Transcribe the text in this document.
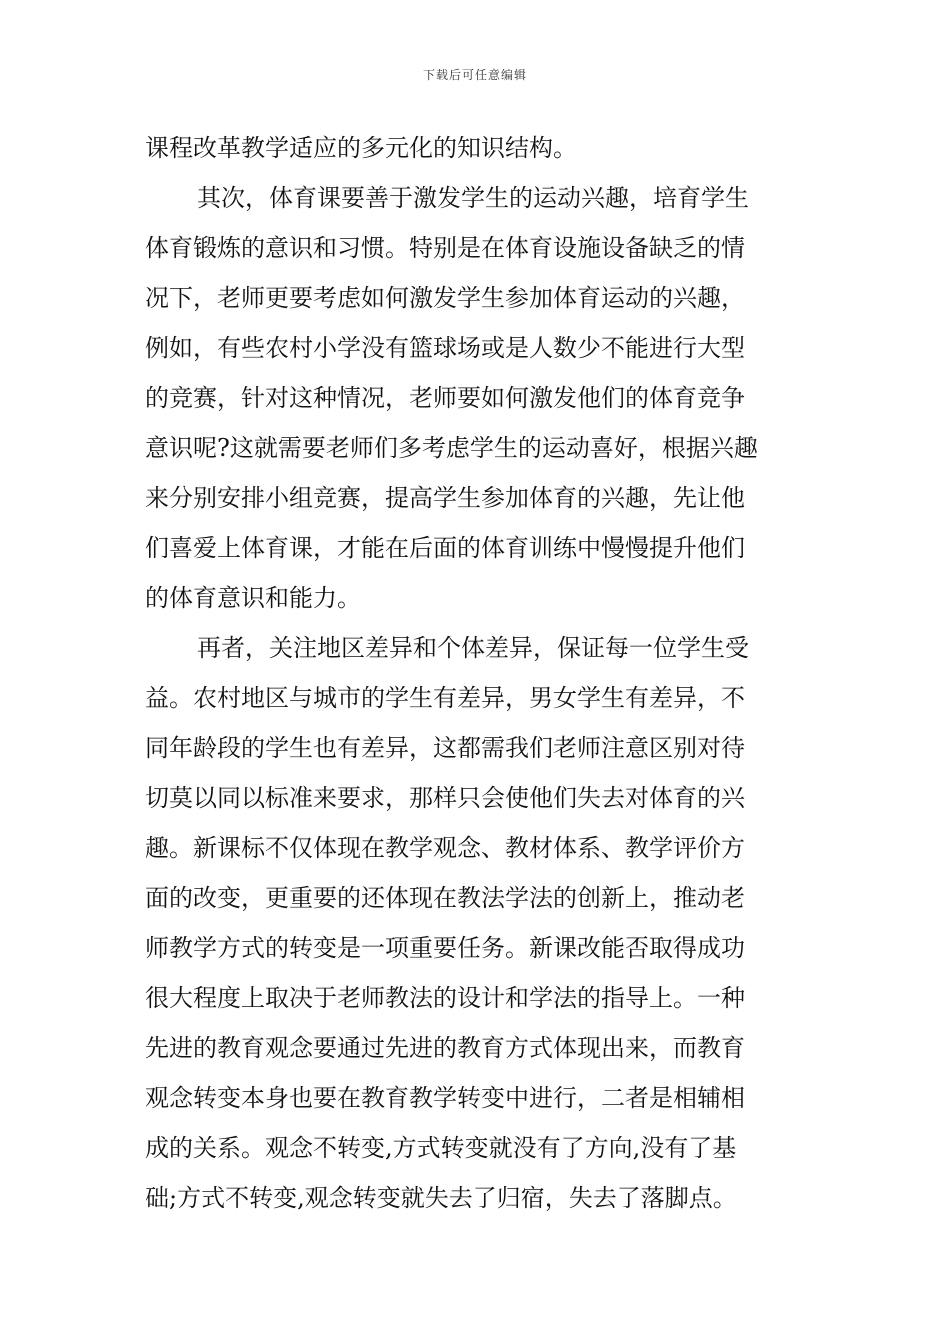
下载后可任意编辑
课程改革教学适应的多元化的知识结构。
其次，体育课要善于激发学生的运动兴趣，培育学生
体育锻炼的意识和习惯。特别是在体育设施设备缺乏的情
况下，老师更要考虑如何激发学生参加体育运动的兴趣，
例如，有些农村小学没有篮球场或是人数少不能进行大型
的竞赛，针对这种情况，老师要如何激发他们的体育竞争
意识呢?这就需要老师们多考虑学生的运动喜好，根据兴趣
来分别安排小组竞赛，提高学生参加体育的兴趣，先让他
们喜爱上体育课，才能在后面的体育训练中慢慢提升他们
的体育意识和能力。
再者，关注地区差异和个体差异，保证每一位学生受
益。农村地区与城市的学生有差异，男女学生有差异，不
同年龄段的学生也有差异，这都需我们老师注意区别对待
切莫以同以标准来要求，那样只会使他们失去对体育的兴
趣。新课标不仅体现在教学观念、教材体系、教学评价方
面的改变，更重要的还体现在教法学法的创新上，推动老
师教学方式的转变是一项重要任务。新课改能否取得成功
很大程度上取决于老师教法的设计和学法的指导上。一种
先进的教育观念要通过先进的教育方式体现出来，而教育
观念转变本身也要在教育教学转变中进行，二者是相辅相
成的关系。观念不转变,方式转变就没有了方向,没有了基
础;方式不转变,观念转变就失去了归宿，失去了落脚点。
